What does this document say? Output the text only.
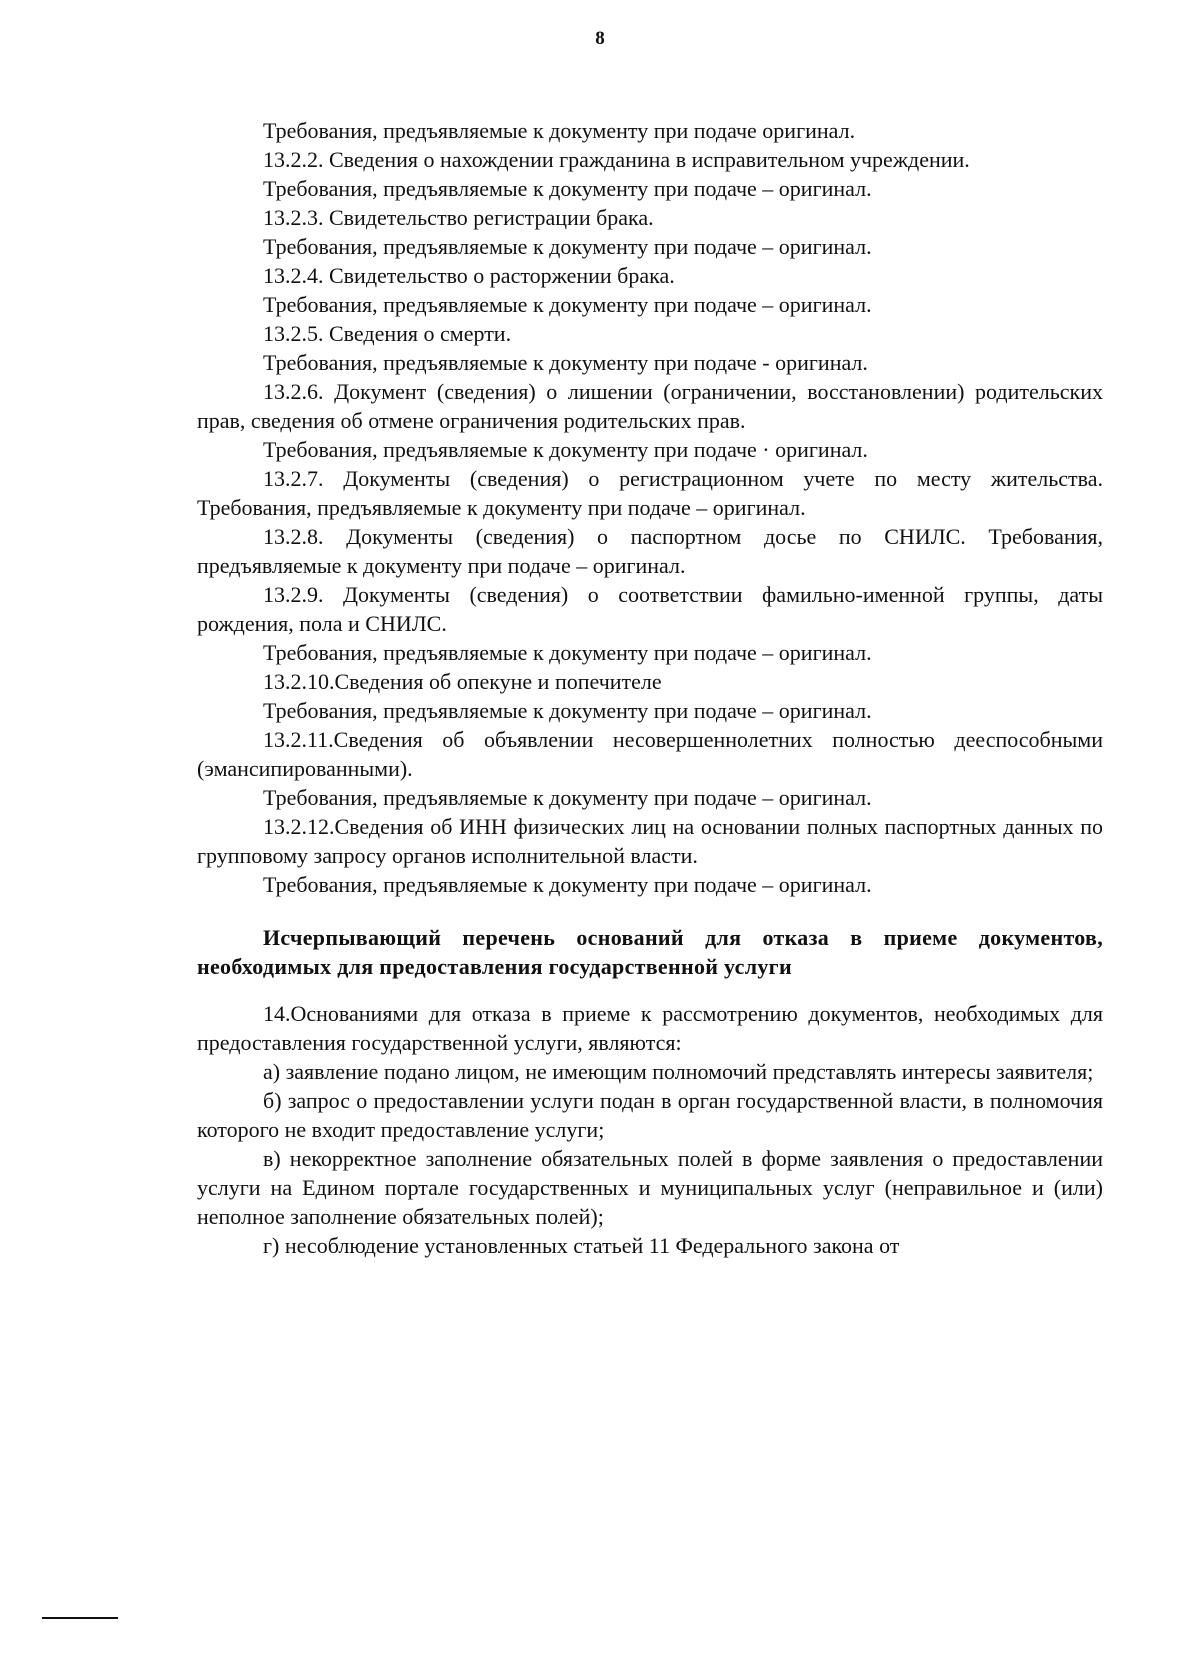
8

Требования, предъявляемые к документу при подаче оригинал.

13.2.2. Сведения о нахождении гражданина в исправительном учреждении.

Требования, предъявляемые к документу при подаче – оригинал.

13.2.3. Свидетельство регистрации брака.

Требования, предъявляемые к документу при подаче – оригинал.

13.2.4. Свидетельство о расторжении брака.

Требования, предъявляемые к документу при подаче – оригинал.

13.2.5. Сведения о смерти.

Требования, предъявляемые к документу при подаче - оригинал.

13.2.6. Документ (сведения) о лишении (ограничении, восстановлении) родительских прав, сведения об отмене ограничения родительских прав.

Требования, предъявляемые к документу при подаче · оригинал.

13.2.7. Документы (сведения) о регистрационном учете по месту жительства. Требования, предъявляемые к документу при подаче – оригинал.

13.2.8. Документы (сведения) о паспортном досье по СНИЛС. Требования, предъявляемые к документу при подаче – оригинал.

13.2.9. Документы (сведения) о соответствии фамильно-именной группы, даты рождения, пола и СНИЛС.

Требования, предъявляемые к документу при подаче – оригинал.

13.2.10.Сведения об опекуне и попечителе

Требования, предъявляемые к документу при подаче – оригинал.

13.2.11.Сведения об объявлении несовершеннолетних полностью дееспособными (эмансипированными).

Требования, предъявляемые к документу при подаче – оригинал.

13.2.12.Сведения об ИНН физических лиц на основании полных паспортных данных по групповому запросу органов исполнительной власти.

Требования, предъявляемые к документу при подаче – оригинал.

Исчерпывающий перечень оснований для отказа в приеме документов, необходимых для предоставления государственной услуги

14.Основаниями для отказа в приеме к рассмотрению документов, необходимых для предоставления государственной услуги, являются:

а) заявление подано лицом, не имеющим полномочий представлять интересы заявителя;

б) запрос о предоставлении услуги подан в орган государственной власти, в полномочия которого не входит предоставление услуги;

в) некорректное заполнение обязательных полей в форме заявления о предоставлении услуги на Едином портале государственных и муниципальных услуг (неправильное и (или) неполное заполнение обязательных полей);

г) несоблюдение установленных статьей 11 Федерального закона от
